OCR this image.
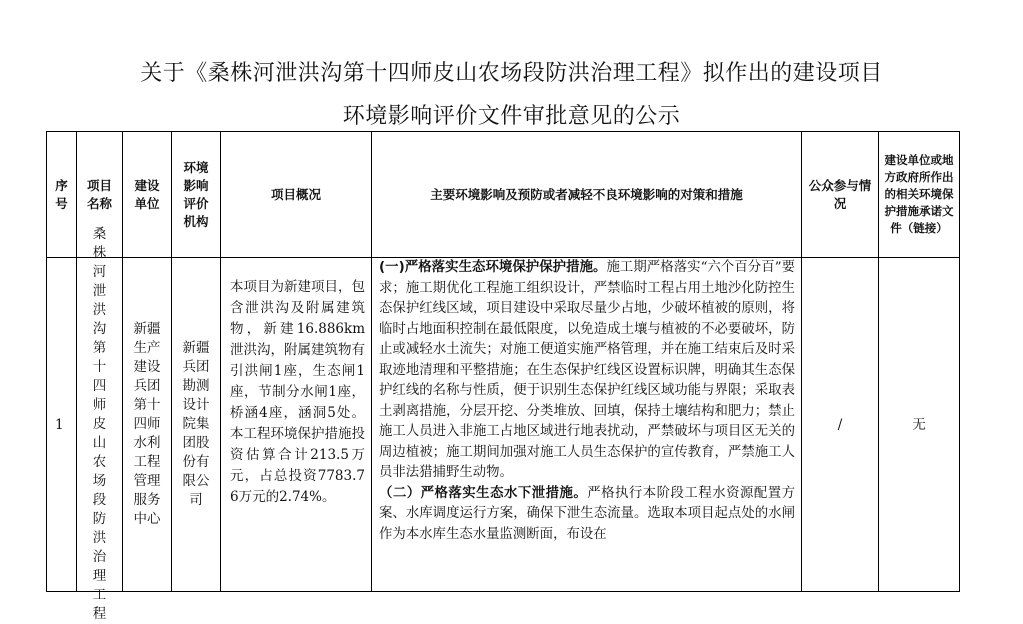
关于《桑株河泄洪沟第十四师皮山农场段防洪治理工程》拟作出的建设项目
环境影响评价文件审批意见的公示
序号	项目名称	建设单位	环境影响评价机构	项目概况	主要环境影响及预防或者减轻不良环境影响的对策和措施	公众参与情况	建设单位或地方政府所作出的相关环境保护措施承诺文件（链接）

1	桑株河泄洪沟第十四师皮山农场段防洪治理工程	新疆生产建设兵团第十四师水利工程管理服务中心	新疆兵团勘测设计院集团股份有限公司	本项目为新建项目，包含泄洪沟及附属建筑物，新建16.886km泄洪沟，附属建筑物有引洪闸1座，生态闸1座，节制分水闸1座，桥涵4座，涵洞5处。本工程环境保护措施投资估算合计213.5万元，占总投资7783.76万元的2.74%。	(一)严格落实生态环境保护保护措施。施工期严格落实“六个百分百”要求；施工期优化工程施工组织设计，严禁临时工程占用土地沙化防控生态保护红线区域，项目建设中采取尽量少占地，少破坏植被的原则，将临时占地面积控制在最低限度，以免造成土壤与植被的不必要破坏，防止或减轻水土流失；对施工便道实施严格管理，并在施工结束后及时采取迹地清理和平整措施；在生态保护红线区设置标识牌，明确其生态保护红线的名称与性质，便于识别生态保护红线区域功能与界限；采取表土剥离措施，分层开挖、分类堆放、回填，保持土壤结构和肥力；禁止施工人员进入非施工占地区域进行地表扰动，严禁破坏与项目区无关的周边植被；施工期间加强对施工人员生态保护的宣传教育，严禁施工人员非法猎捕野生动物。

（二）严格落实生态水下泄措施。严格执行本阶段工程水资源配置方案、水库调度运行方案，确保下泄生态流量。选取本项目起点处的水闸作为本水库生态水量监测断面，布设在	/	无
